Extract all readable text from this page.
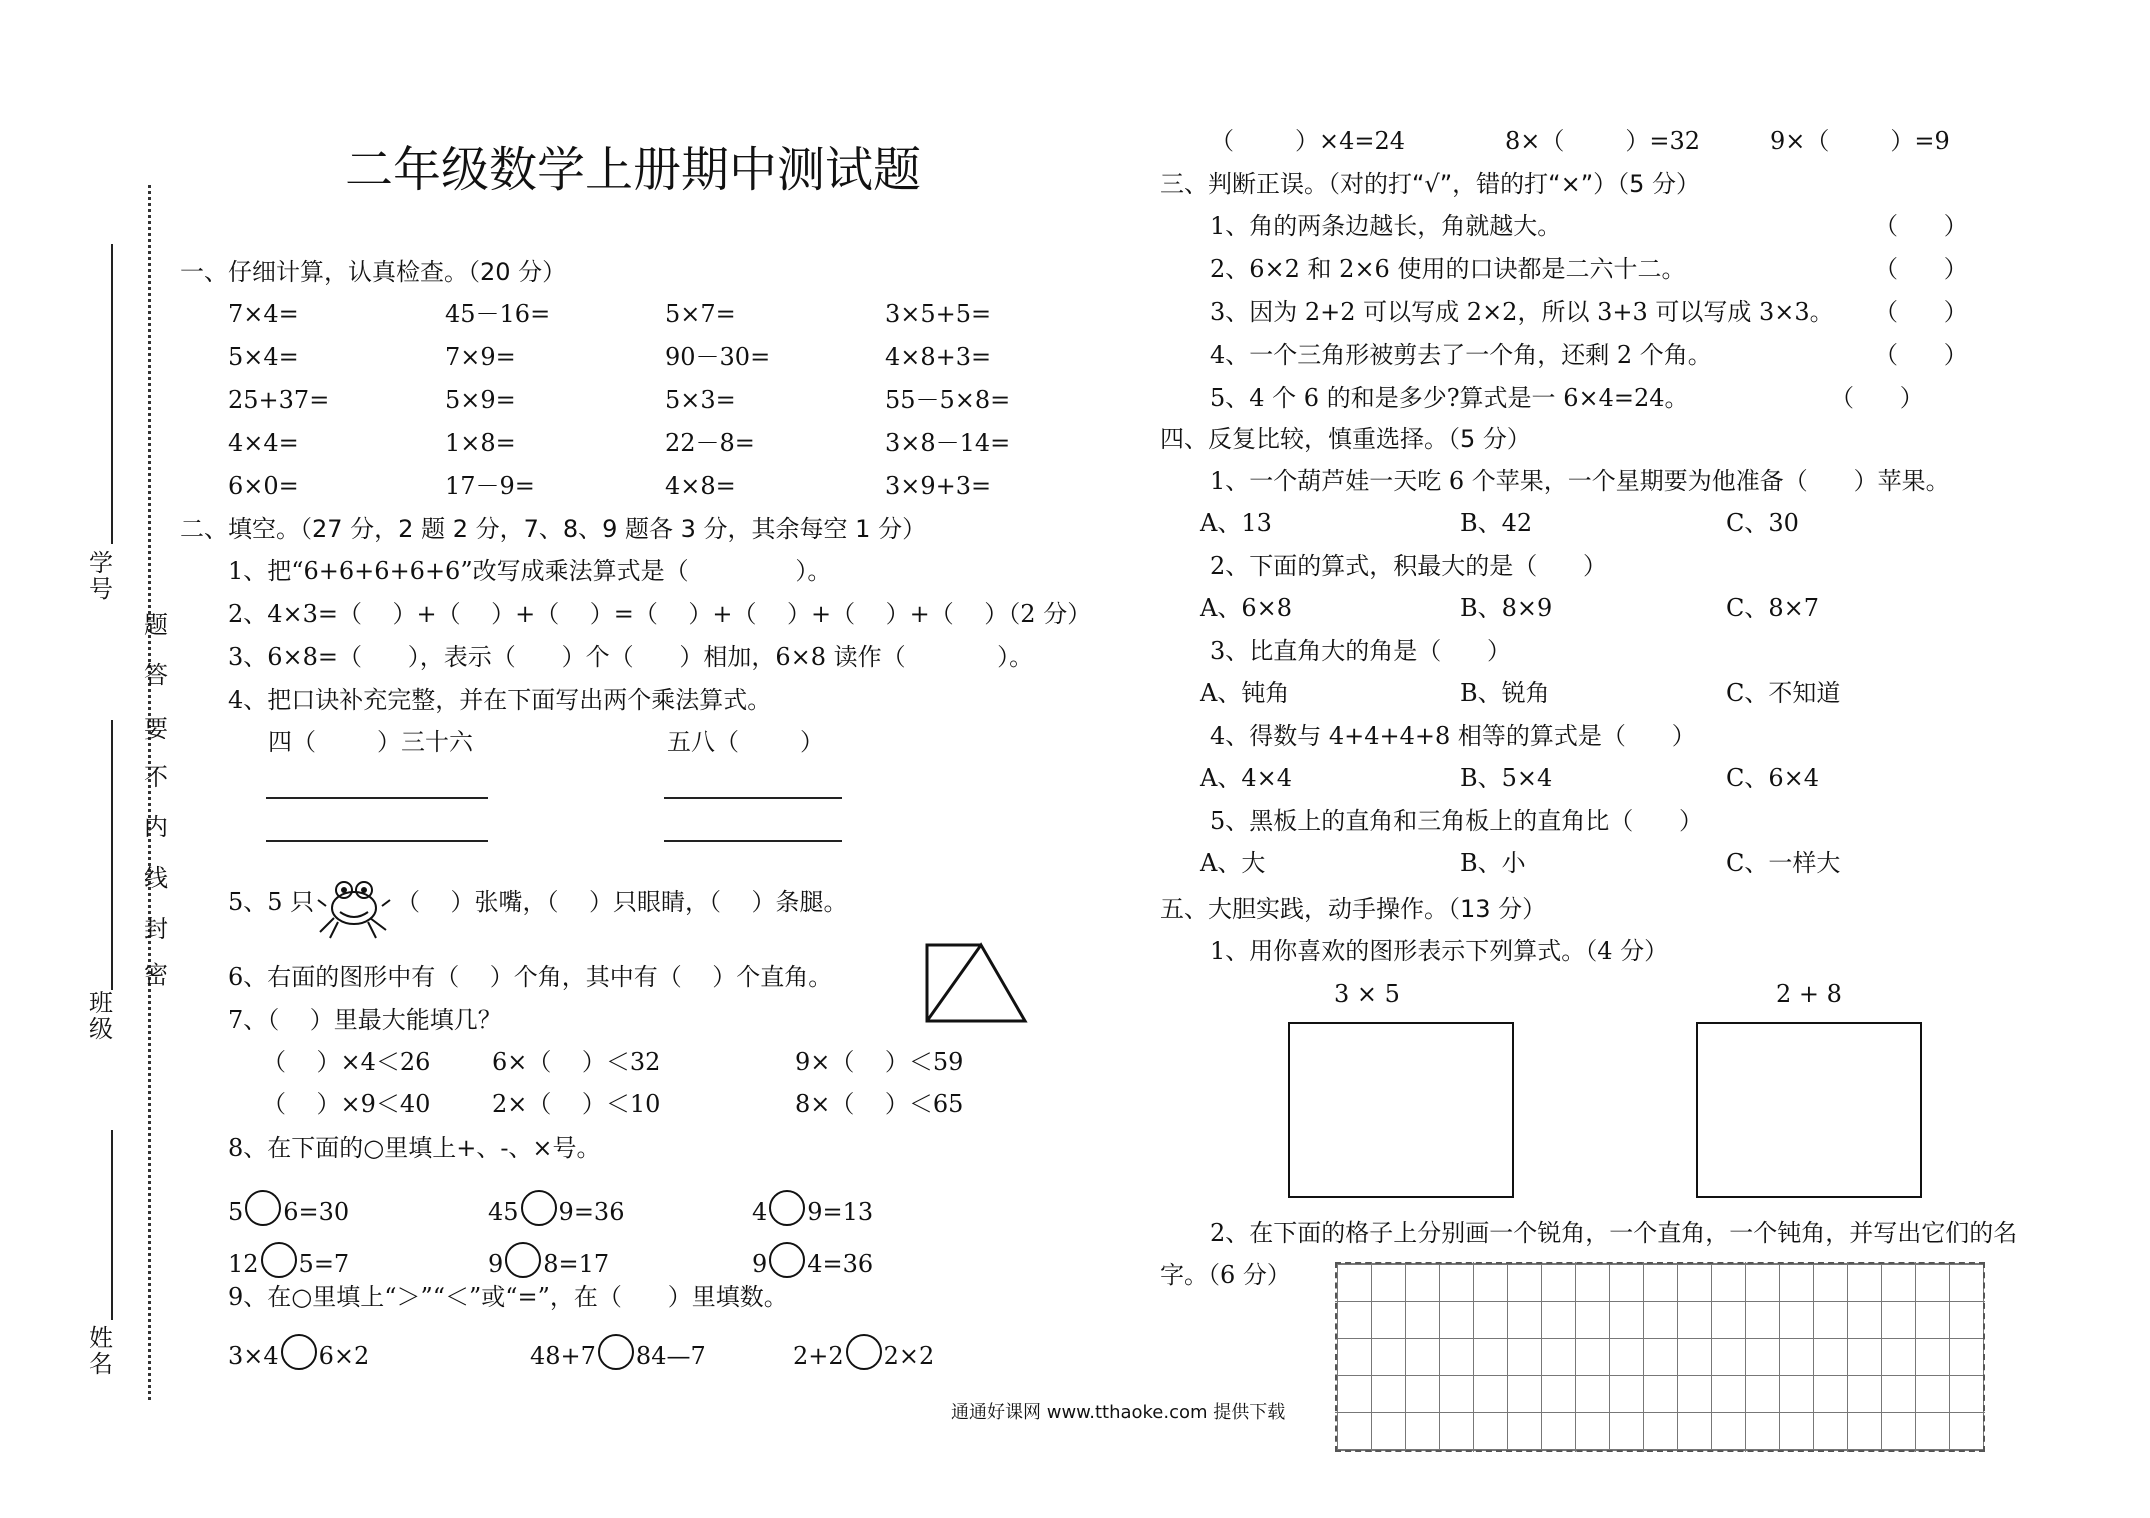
二年级数学上册期中测试题
学号
班级
姓名
题
答
要
不
内
线
封
密
一、仔细计算，认真检查。（20 分）
7×4=	45－16=	5×7=	3×5+5=
5×4=	7×9=	90－30=	4×8+3=
25+37=	5×9=	5×3=	55－5×8=
4×4=	1×8=	22－8=	3×8－14=
6×0=	17－9=	4×8=	3×9+3=
二、填空。（27 分，2 题 2 分，7、8、9 题各 3 分，其余每空 1 分）
1、把“6+6+6+6+6”改写成乘法算式是（              ）。
2、4×3=（    ）+（    ）+（    ）=（    ）+（    ）+（    ）+（    ）（2 分）
3、6×8=（      ），表示（      ）个（      ）相加，6×8 读作（            ）。
4、把口诀补充完整，并在下面写出两个乘法算式。
四（        ）三十六	五八（        ）
5、5 只	（    ）张嘴，（    ）只眼睛，（    ）条腿。
6、右面的图形中有（    ）个角，其中有（    ）个直角。
7、（    ）里最大能填几？
（    ）×4＜26	6×（    ）＜32	9×（    ）＜59
（    ）×9＜40	2×（    ）＜10	8×（    ）＜65
8、在下面的○里填上+、-、×号。
5 6=30	45 9=36	4 9=13
12 5=7	9 8=17	9 4=36
9、在○里填上“＞”“＜”或“=”，在（      ）里填数。
3×4 6×2	48+7 84—7	2+2 2×2
（        ）×4=24	8×（        ）=32	9×（        ）=9
三、判断正误。（对的打“√”，错的打“×”）（5 分）
1、角的两条边越长，角就越大。	（      ）
2、6×2 和 2×6 使用的口诀都是二六十二。	（      ）
3、因为 2+2 可以写成 2×2，所以 3+3 可以写成 3×3。 （      ）
4、一个三角形被剪去了一个角，还剩 2 个角。	（      ）
5、4 个 6 的和是多少?算式是一 6×4=24。	（      ）
四、反复比较，慎重选择。（5 分）
1、一个葫芦娃一天吃 6 个苹果，一个星期要为他准备（      ）苹果。
A、13	B、42	C、30
2、下面的算式，积最大的是（      ）
A、6×8	B、8×9	C、8×7
3、比直角大的角是（      ）
A、钝角	B、锐角	C、不知道
4、得数与 4+4+4+8 相等的算式是（      ）
A、4×4	B、5×4	C、6×4
5、黑板上的直角和三角板上的直角比（      ）
A、大	B、小	C、一样大
五、大胆实践，动手操作。（13 分）
1、用你喜欢的图形表示下列算式。（4 分）
3 × 5	2 + 8
2、在下面的格子上分别画一个锐角，一个直角，一个钝角，并写出它们的名
字。（6 分）
通通好课网 www.tthaoke.com 提供下载
